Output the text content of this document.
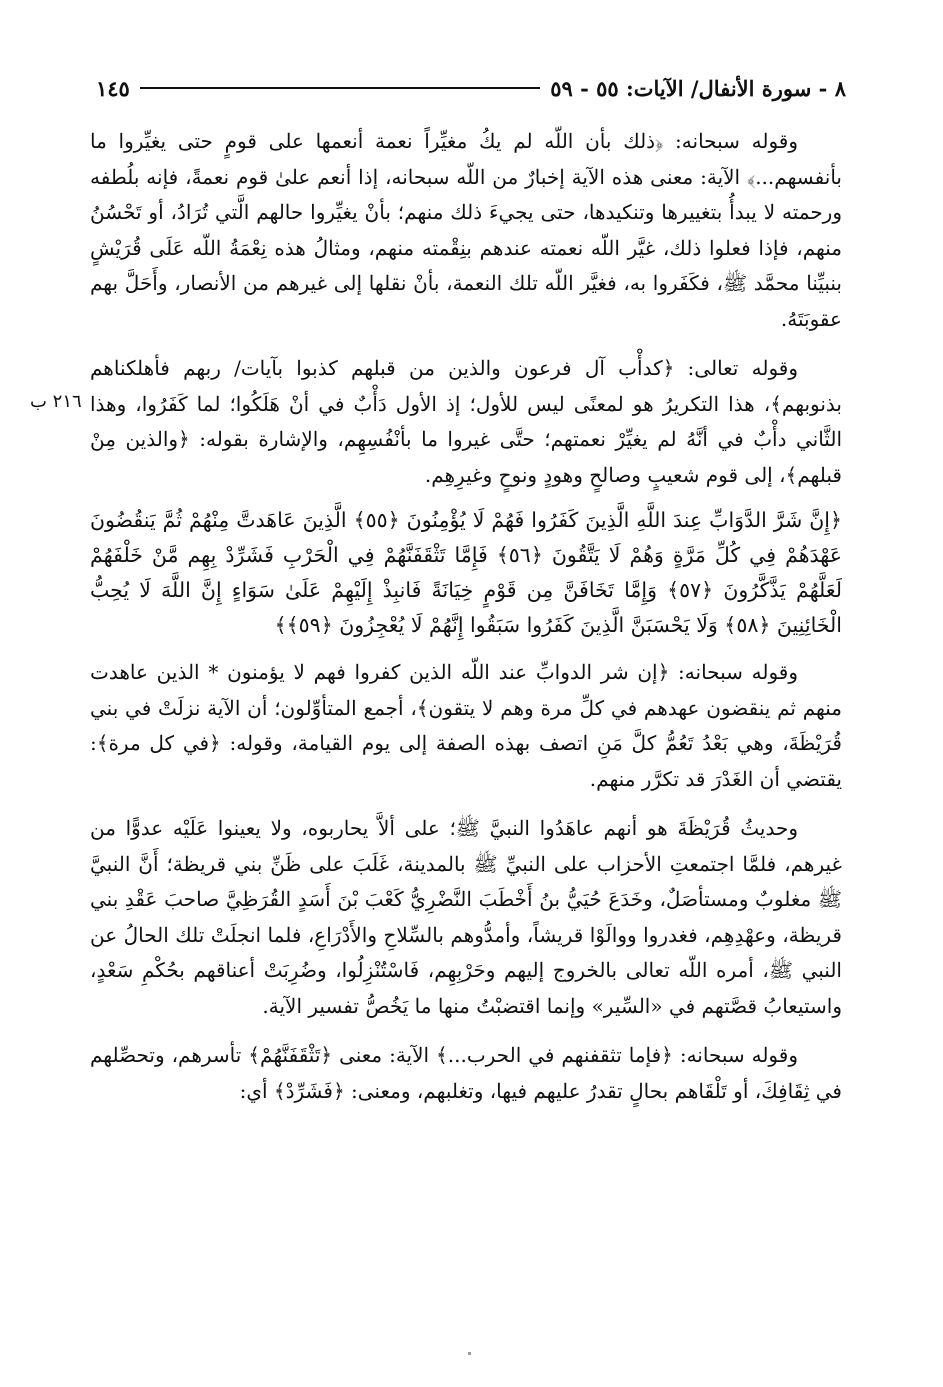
٨ - سورة الأنفال/ الآيات: ٥٥ - ٥٩
١٤٥
٢١٦ ب

وقوله سبحانه: ﴿ذلك بأن اللّه لم يكُ مغيِّراً نعمة أنعمها على قومٍ حتى يغيِّروا ما بأنفسهم...﴾ الآية: معنى هذه الآية إخبارٌ من اللّه سبحانه، إذا أنعم علىٰ قوم نعمةً، فإنه بلُطفه ورحمته لا يبدأُ بتغييرها وتنكيدها، حتى يجيءَ ذلك منهم؛ بأنْ يغيِّروا حالهم الَّتي تُرَادُ، أو تَحْسُنُ منهم، فإذا فعلوا ذلك، غيَّر اللّه نعمته عندهم بنِقْمته منهم، ومثالُ هذه نِعْمَةُ اللّه عَلَى قُرَيْشٍ بنبيِّنا محمَّد ﷺ، فكَفَروا به، فغيَّر اللّه تلك النعمة، بأنْ نقلها إلى غيرهم من الأنصار، وأَحَلَّ بهم عقوبَتَهُ.

وقوله تعالى: ﴿كدأْب آل فرعون والذين من قبلهم كذبوا بآيات/ ربهم فأهلكناهم بذنوبهم﴾، هذا التكريرُ هو لمعنًى ليس للأول؛ إذ الأول دَأْبٌ في أنْ هَلَكُوا؛ لما كَفَرُوا، وهذا الثَّاني دأْبٌ في أنَّهُ لم يغيِّرْ نعمتهم؛ حتَّى غيروا ما بأنْفُسِهِم، والإشارة بقوله: ﴿والذين مِنْ قبلهم﴾، إلى قوم شعيبٍ وصالحٍ وهودٍ ونوحٍ وغيرِهِم.

﴿إِنَّ شَرَّ الدَّوَابِّ عِندَ اللَّهِ الَّذِينَ كَفَرُوا فَهُمْ لَا يُؤْمِنُونَ ﴿٥٥﴾ الَّذِينَ عَاهَدتَّ مِنْهُمْ ثُمَّ يَنقُضُونَ عَهْدَهُمْ فِي كُلِّ مَرَّةٍ وَهُمْ لَا يَتَّقُونَ ﴿٥٦﴾ فَإِمَّا تَثْقَفَنَّهُمْ فِي الْحَرْبِ فَشَرِّدْ بِهِم مَّنْ خَلْفَهُمْ لَعَلَّهُمْ يَذَّكَّرُونَ ﴿٥٧﴾ وَإِمَّا تَخَافَنَّ مِن قَوْمٍ خِيَانَةً فَانبِذْ إِلَيْهِمْ عَلَىٰ سَوَاءٍ إِنَّ اللَّهَ لَا يُحِبُّ الْخَائِنِينَ ﴿٥٨﴾ وَلَا يَحْسَبَنَّ الَّذِينَ كَفَرُوا سَبَقُوا إِنَّهُمْ لَا يُعْجِزُونَ ﴿٥٩﴾﴾

وقوله سبحانه: ﴿إن شر الدوابِّ عند اللّه الذين كفروا فهم لا يؤمنون * الذين عاهدت منهم ثم ينقضون عهدهم في كلِّ مرة وهم لا يتقون﴾، أجمع المتأوِّلون؛ أن الآية نزلَتْ في بني قُرَيْظَةَ، وهي بَعْدُ تَعُمُّ كلَّ مَنِ اتصف بهذه الصفة إلى يوم القيامة، وقوله: ﴿في كل مرة﴾: يقتضي أن الغَدْرَ قد تكرَّر منهم.

وحديثُ قُرَيْظَةَ هو أنهم عاهَدُوا النبيَّ ﷺ؛ على ألاَّ يحاربوه، ولا يعينوا عَلَيْه عدوًّا من غيرهم، فلمَّا اجتمعتِ الأحزاب على النبيِّ ﷺ بالمدينة، غَلَبَ على ظَنِّ بني قريظة؛ أَنَّ النبيَّ ﷺ مغلوبٌ ومستأصَلٌ، وخَدَعَ حُيَيُّ بنُ أَخْطَبَ النَّضْرِيُّ كَعْبَ بْنَ أَسَدٍ القُرَظِيَّ صاحبَ عَقْدِ بني قريظة، وعهْدِهِم، فغدروا ووالَوْا قريشاً، وأمدُّوهم بالسِّلاحِ والأَدْرَاعِ، فلما انجلَتْ تلك الحالُ عن النبي ﷺ، أمره اللّه تعالى بالخروج إليهم وحَرْبِهِم، فَاسْتُنْزِلُوا، وضُرِبَتْ أعناقهم بحُكْمِ سَعْدٍ، واستيعابُ قصَّتهم في «السِّير» وإنما اقتضبْتُ منها ما يَخُصُّ تفسير الآية.

وقوله سبحانه: ﴿فإما تثقفنهم في الحرب...﴾ الآية: معنى ﴿تَثْقَفَنَّهُمْ﴾ تأسرهم، وتحصِّلهم في ثِقَافِكَ، أو تَلْقَاهم بحالٍ تقدرُ عليهم فيها، وتغلبهم، ومعنى: ﴿فَشَرِّدْ﴾ أي:
